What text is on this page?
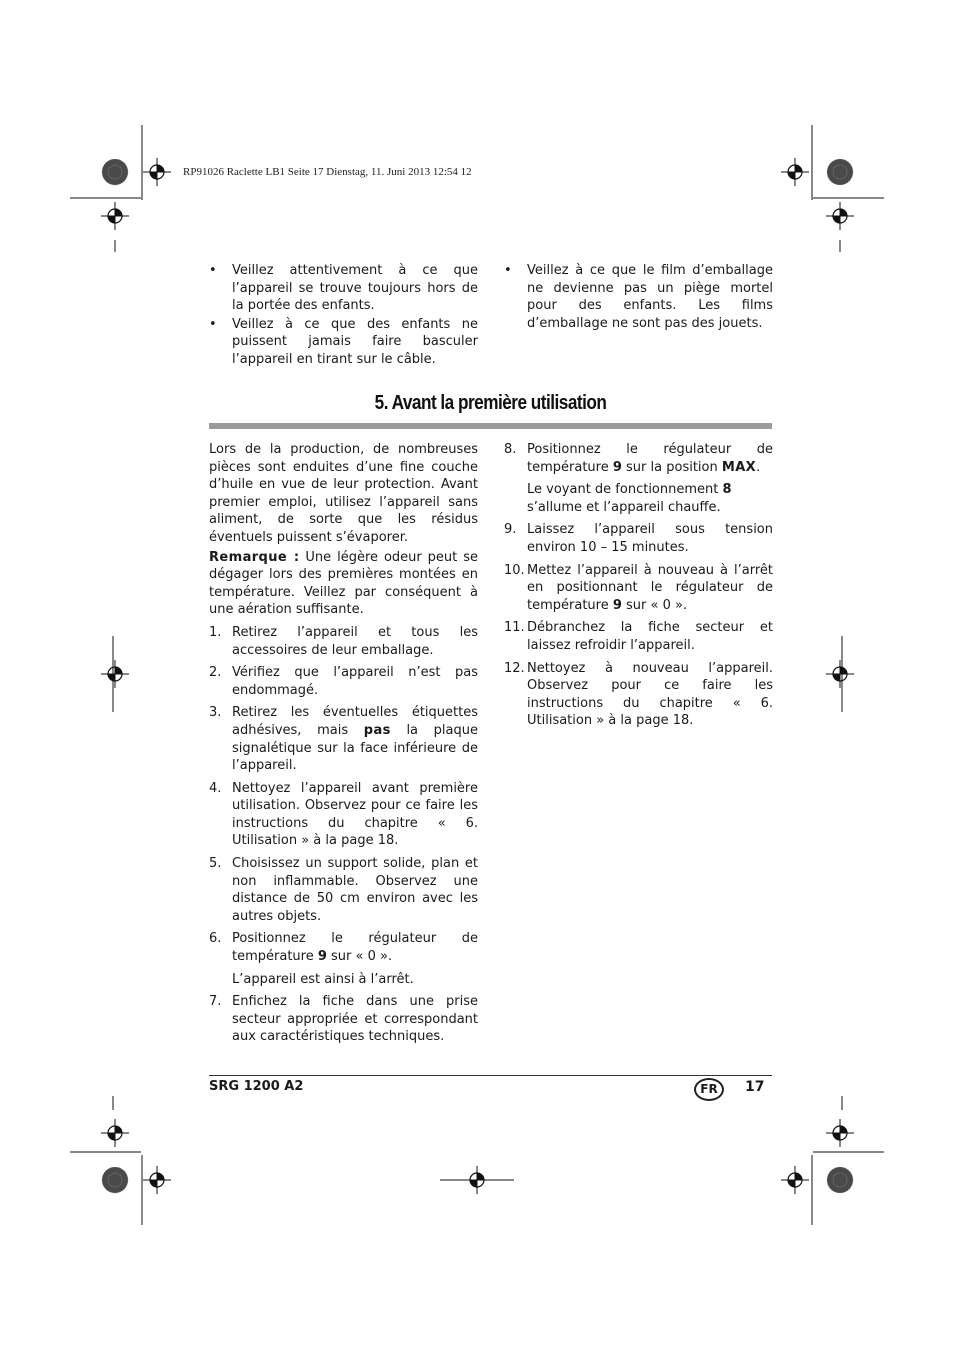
RP91026 Raclette LB1 Seite 17 Dienstag, 11. Juni 2013 12:54 12
•	Veillez attentivement à ce que l’appareil se trouve toujours hors de la portée des enfants.
•	Veillez à ce que des enfants ne puissent jamais faire basculer l’appareil en tirant sur le câble.
•	Veillez à ce que le film d’emballage ne devienne pas un piège mortel pour des enfants. Les films d’emballage ne sont pas des jouets.
5. Avant la première utilisation

Lors de la production, de nombreuses pièces sont enduites d’une fine couche d’huile en vue de leur protection. Avant premier emploi, utilisez l’appareil sans aliment, de sorte que les résidus éventuels puissent s’évaporer.

Remarque : Une légère odeur peut se dégager lors des premières montées en température. Veillez par conséquent à une aération suffisante.

1. Retirez l’appareil et tous les accessoires de leur emballage.
2. Vérifiez que l’appareil n’est pas endommagé.
3. Retirez les éventuelles étiquettes adhésives, mais pas la plaque signalétique sur la face inférieure de l’appareil.
4. Nettoyez l’appareil avant première utilisation. Observez pour ce faire les instructions du chapitre « 6. Utilisation » à la page 18.
5. Choisissez un support solide, plan et non inflammable. Observez une distance de 50 cm environ avec les autres objets.
6. Positionnez le régulateur de température 9 sur « 0 ».
L’appareil est ainsi à l’arrêt.
7. Enfichez la fiche dans une prise secteur appropriée et correspondant aux caractéristiques techniques.
8. Positionnez le régulateur de température 9 sur la position MAX.
Le voyant de fonctionnement 8 s’allume et l’appareil chauffe.
9. Laissez l’appareil sous tension environ 10 – 15 minutes.
10. Mettez l’appareil à nouveau à l’arrêt en positionnant le régulateur de température 9 sur « 0 ».
11. Débranchez la fiche secteur et laissez refroidir l’appareil.
12. Nettoyez à nouveau l’appareil. Observez pour ce faire les instructions du chapitre « 6. Utilisation » à la page 18.
SRG 1200 A2	FR	17
